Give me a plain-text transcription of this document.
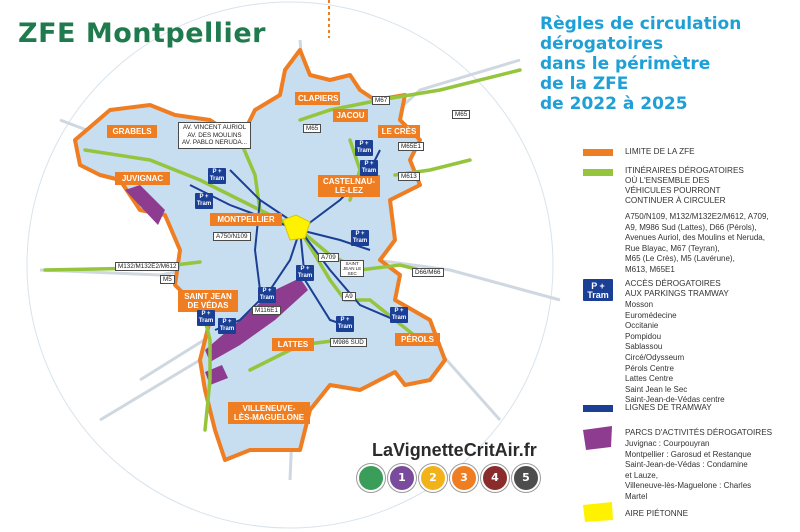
ZFE Montpellier	Règles de circulation
dérogatoires
dans le périmètre
de la ZFE
de 2022 à 2025
LIMITE DE LA ZFE
ITINÉRAIRES DÉROGATOIRES
OÙ L'ENSEMBLE DES
VÉHICULES POURRONT
CONTINUER À CIRCULER
A750/N109, M132/M132E2/M612, A709,
A9, M986 Sud (Lattes), D66 (Pérols),
Avenues Auriol, des Moulins et Neruda,
Rue Blayac, M67 (Teyran),
M65 (Le Crès), M5 (Lavérune),
M613, M65E1
P +
Tram
ACCÈS DÉROGATOIRES
AUX PARKINGS TRAMWAY
Mosson
Euromédecine
Occitanie
Pompidou
Sablassou
Circé/Odysseum
Pérols Centre
Lattes Centre
Saint Jean le Sec
Saint-Jean-de-Védas centre
LIGNES DE TRAMWAY
PARCS D'ACTIVITÉS DÉROGATOIRES
Juvignac : Courpouyran
Montpellier : Garosud et Restanque
Saint-Jean-de-Védas : Condamine
et Lauze,
Villeneuve-lès-Maguelone : Charles
Martel
AIRE PIÉTONNE
GRABELS
JUVIGNAC
MONTPELLIER
CLAPIERS
JACOU
LE CRÈS
CASTELNAU-
LE-LEZ
SAINT JEAN
DE VÉDAS
LATTES
PÉROLS
VILLENEUVE-
LÈS-MAGUELONE
M65
M67
M65
M65E1
M613
A750/N109
M132/M132E2/M612
M5
A709
A9
D66/M66
M116E1
M986 SUD
SAINT
JEAN LE
SEC
AV. VINCENT AURIOL
AV. DES MOULINS
AV. PABLO NERUDA...	P +
Tram
P +
Tram
P +
Tram
P +
Tram
P +
Tram
P +
Tram
P +
Tram
P +
Tram	P +
Tram
P +
Tram
P +
Tram
LaVignetteCritAir.fr
1	2	3	4	5
